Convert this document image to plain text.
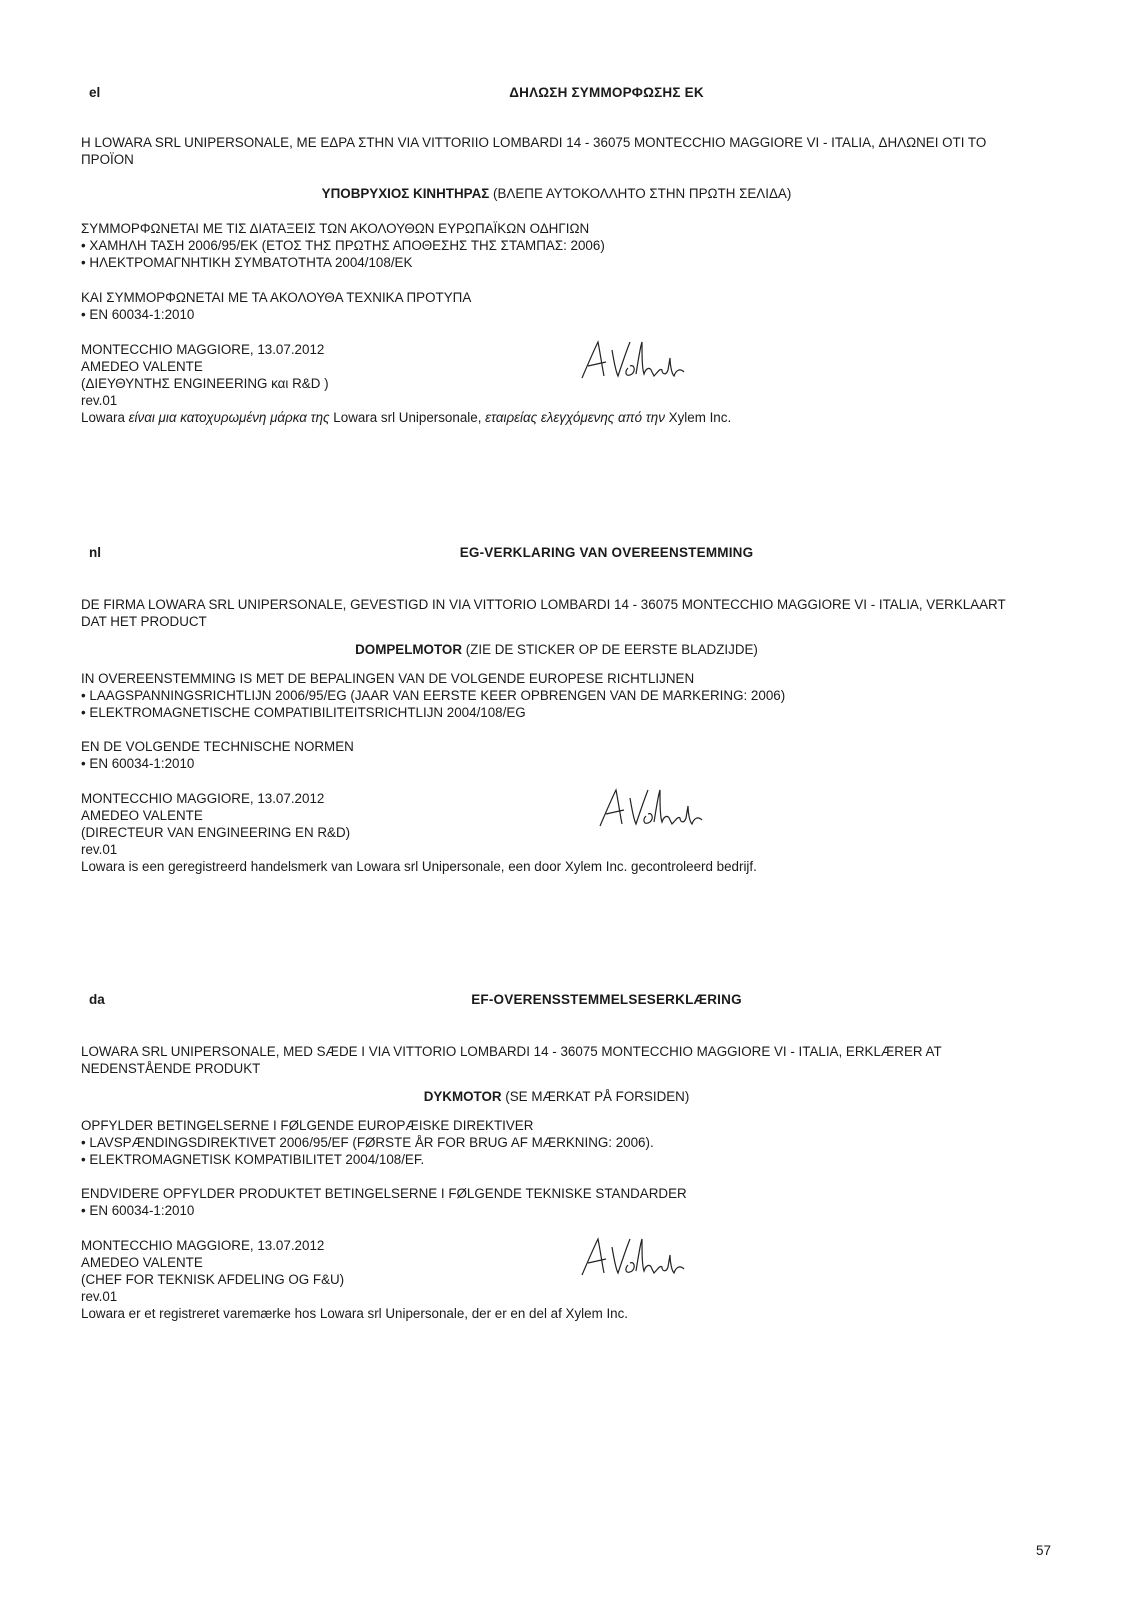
el	ΔΗΛΩΣΗ ΣΥΜΜΟΡΦΩΣΗΣ ΕΚ
Η LOWARA SRL UNIPERSONALE, ΜΕ ΕΔΡΑ ΣΤΗΝ VIA VITTORIIO LOMBARDI 14 - 36075 MONTECCHIO MAGGIORE VI - ITALIA, ΔΗΛΩΝΕΙ ΟΤΙ ΤΟ ΠΡΟΪΟΝ
ΥΠΟΒΡΥΧΙΟΣ ΚΙΝΗΤΗΡΑΣ (ΒΛΕΠΕ ΑΥΤΟΚΟΛΛΗΤΟ ΣΤΗΝ ΠΡΩΤΗ ΣΕΛΙΔΑ)
ΣΥΜΜΟΡΦΩΝΕΤΑΙ ΜΕ ΤΙΣ ΔΙΑΤΑΞΕΙΣ ΤΩΝ ΑΚΟΛΟΥΘΩΝ ΕΥΡΩΠΑΪΚΩΝ ΟΔΗΓΙΩΝ
• ΧΑΜΗΛΗ ΤΑΣΗ 2006/95/ΕΚ (ΕΤΟΣ ΤΗΣ ΠΡΩΤΗΣ ΑΠΟΘΕΣΗΣ ΤΗΣ ΣΤΑΜΠΑΣ: 2006)
• ΗΛΕΚΤΡΟΜΑΓΝΗΤΙΚΗ ΣΥΜΒΑΤΟΤΗΤΑ 2004/108/ΕΚ
ΚΑΙ ΣΥΜΜΟΡΦΩΝΕΤΑΙ ΜΕ ΤΑ ΑΚΟΛΟΥΘΑ ΤΕΧΝΙΚΑ ΠΡΟΤΥΠΑ
• EN 60034-1:2010
MONTECCHIO MAGGIORE, 13.07.2012
AMEDEO VALENTE
(ΔΙΕΥΘΥΝΤΗΣ ENGINEERING και R&D )
rev.01
Lowara είναι μια κατοχυρωμένη μάρκα της Lowara srl Unipersonale, εταιρείας ελεγχόμενης από την Xylem Inc.
nl	EG-VERKLARING VAN OVEREENSTEMMING
DE FIRMA LOWARA SRL UNIPERSONALE, GEVESTIGD IN VIA VITTORIO LOMBARDI 14 - 36075 MONTECCHIO MAGGIORE VI - ITALIA, VERKLAART DAT HET PRODUCT
DOMPELMOTOR (ZIE DE STICKER OP DE EERSTE BLADZIJDE)
IN OVEREENSTEMMING IS MET DE BEPALINGEN VAN DE VOLGENDE EUROPESE RICHTLIJNEN
• LAAGSPANNINGSRICHTLIJN 2006/95/EG (JAAR VAN EERSTE KEER OPBRENGEN VAN DE MARKERING: 2006)
• ELEKTROMAGNETISCHE COMPATIBILITEITSRICHTLIJN 2004/108/EG
EN DE VOLGENDE TECHNISCHE NORMEN
• EN 60034-1:2010
MONTECCHIO MAGGIORE, 13.07.2012
AMEDEO VALENTE
(DIRECTEUR VAN ENGINEERING EN R&D)
rev.01
Lowara is een geregistreerd handelsmerk van Lowara srl Unipersonale, een door Xylem Inc. gecontroleerd bedrijf.
da	EF-OVERENSSTEMMELSESERKLÆRING
LOWARA SRL UNIPERSONALE, MED SÆDE I VIA VITTORIO LOMBARDI 14 - 36075 MONTECCHIO MAGGIORE VI - ITALIA, ERKLÆRER AT NEDENSTÅENDE PRODUKT
DYKMOTOR (SE MÆRKAT PÅ FORSIDEN)
OPFYLDER BETINGELSERNE I FØLGENDE EUROPÆISKE DIREKTIVER
• LAVSPÆNDINGSDIREKTIVET 2006/95/EF (FØRSTE ÅR FOR BRUG AF MÆRKNING: 2006).
• ELEKTROMAGNETISK KOMPATIBILITET 2004/108/EF.
ENDVIDERE OPFYLDER PRODUKTET BETINGELSERNE I FØLGENDE TEKNISKE STANDARDER
• EN 60034-1:2010
MONTECCHIO MAGGIORE, 13.07.2012
AMEDEO VALENTE
(CHEF FOR TEKNISK AFDELING OG F&U)
rev.01
Lowara er et registreret varemærke hos Lowara srl Unipersonale, der er en del af Xylem Inc.
57
